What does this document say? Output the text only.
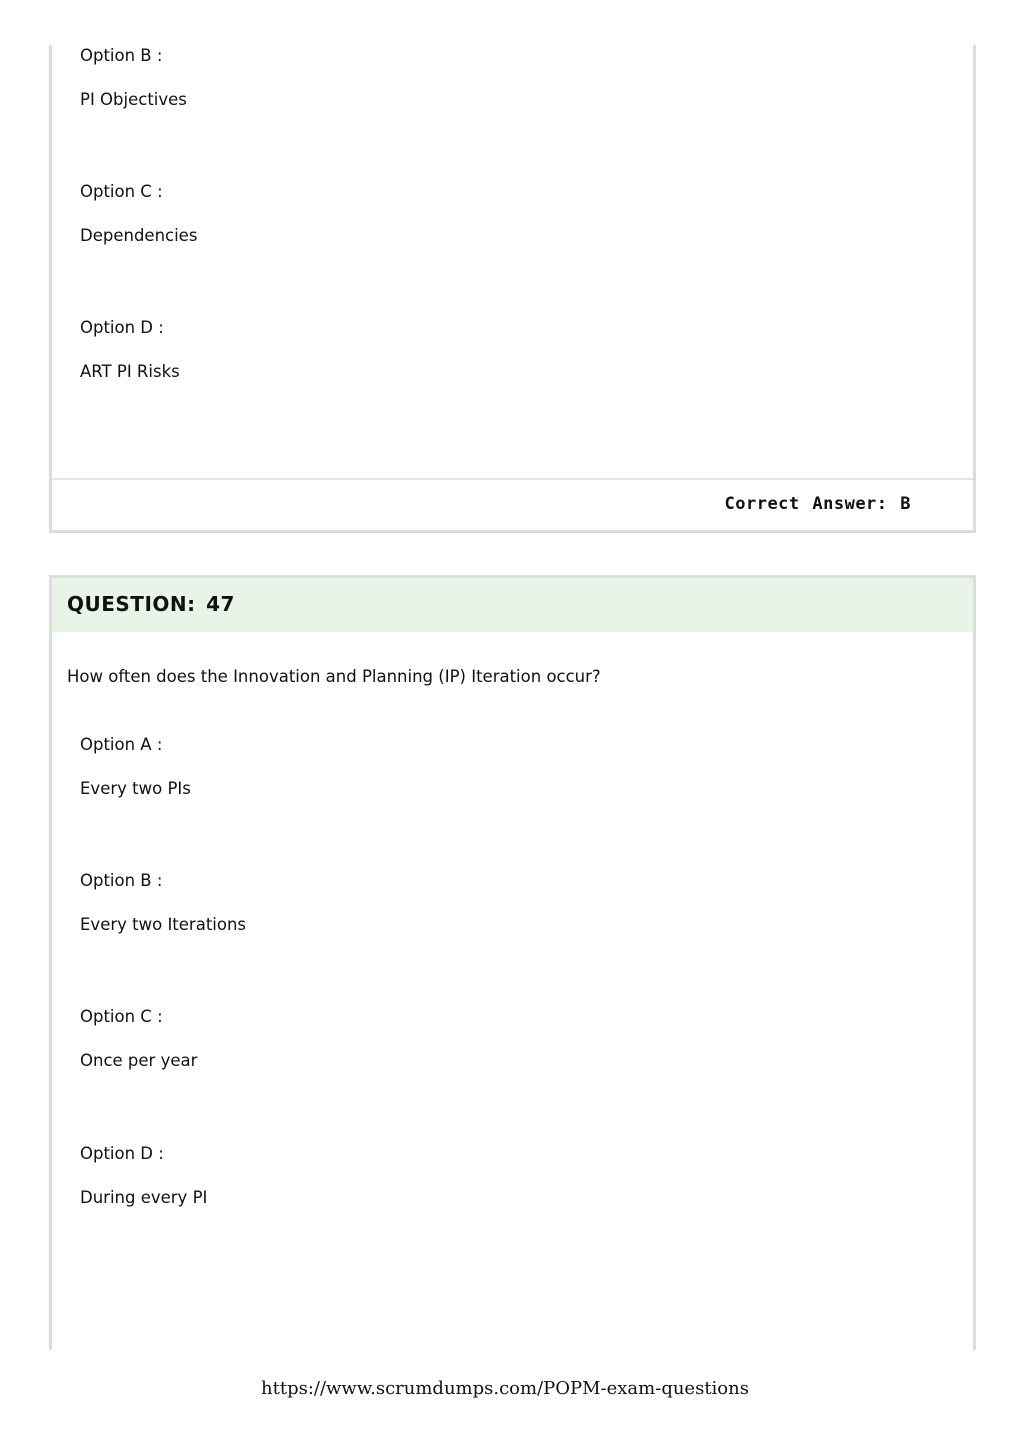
Option B :

PI Objectives

Option C :

Dependencies

Option D :

ART PI Risks

Correct Answer: B
QUESTION: 47

How often does the Innovation and Planning (IP) Iteration occur?

Option A :

Every two PIs

Option B :

Every two Iterations

Option C :

Once per year

Option D :

During every PI

https://www.scrumdumps.com/POPM-exam-questions
